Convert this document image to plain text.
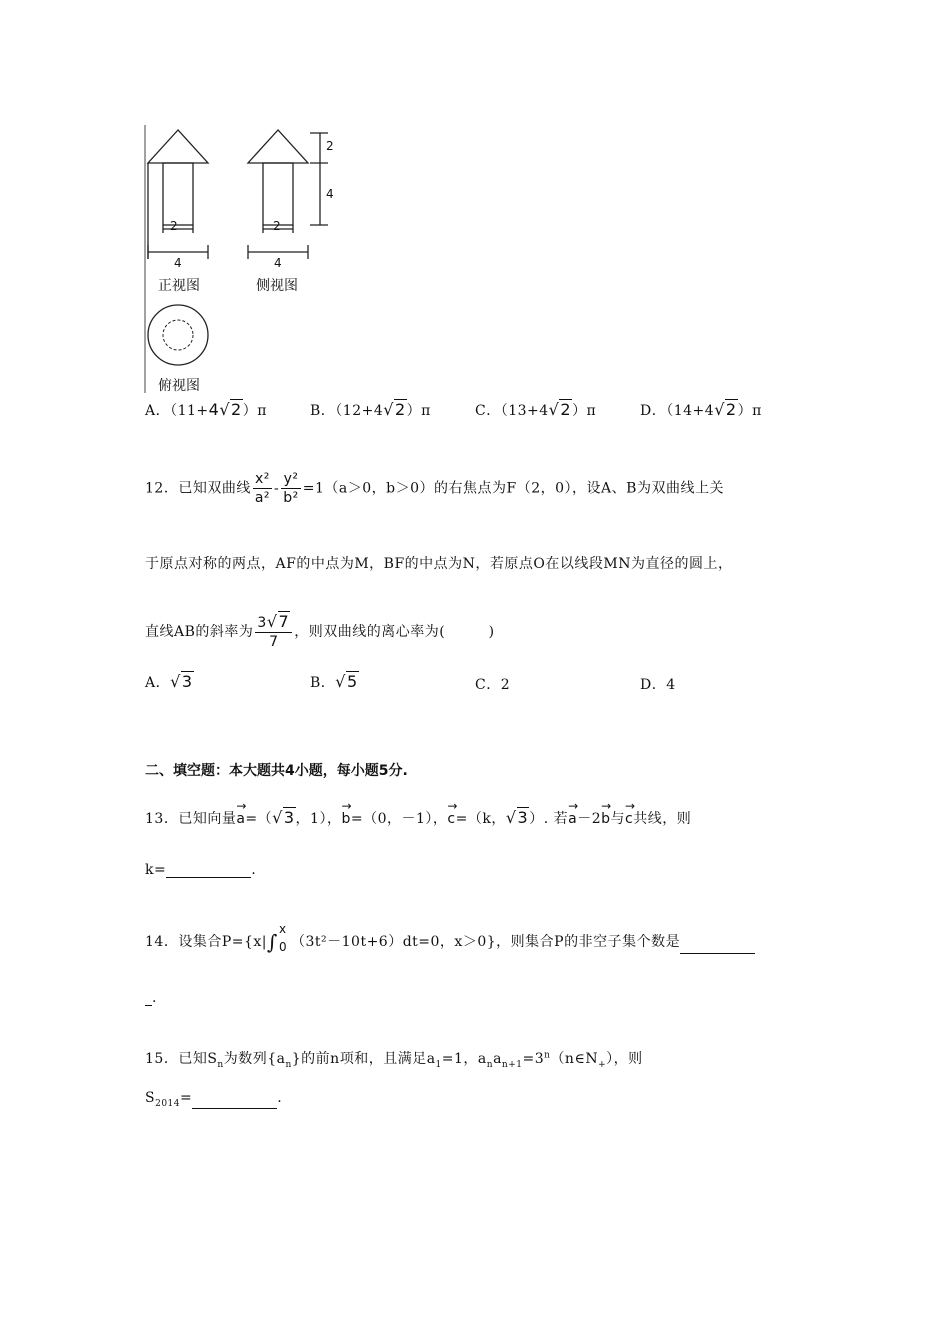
2
4
2
4
2
4
正视图	侧视图
俯视图
A．（11+4√2）π	B．（12+4√2）π	C．（13+4√2）π	D．（14+4√2）π
12．已知双曲线 $\frac{\text{x²}}{\text{a²}} - \frac{\text{y²}}{\text{b²}} =1(a>0$，b＞0）的右焦点为F（2，0），设A、B为双曲线上关
于原点对称的两点，AF的中点为M，BF的中点为N，若原点O在以线段MN为直径的圆上，
直线AB的斜率为 $\frac{3√7}{7}$ ，则双曲线的离心率为(　　　)
A．√3	B．√5	C．2	D．4
二、填空题：本大题共4小题，每小题5分.
13．已知向量→ a=（√3，1），→ b=（0，－1），→ c=（k，√3）. 若→ a－2→ b与→ c共线，则
k=	.
14．设集合P={x|∫
x
0 （3t²－10t+6）dt=0，x＞0}，则集合P的非空子集个数是
.
15．已知$S_n$为数列$\{a_n\}$的前n项和，且满足$a_1=1$，$a_na_{n+1}=3^n(n\in N_+)$，则
$S_{2014}=$	.
